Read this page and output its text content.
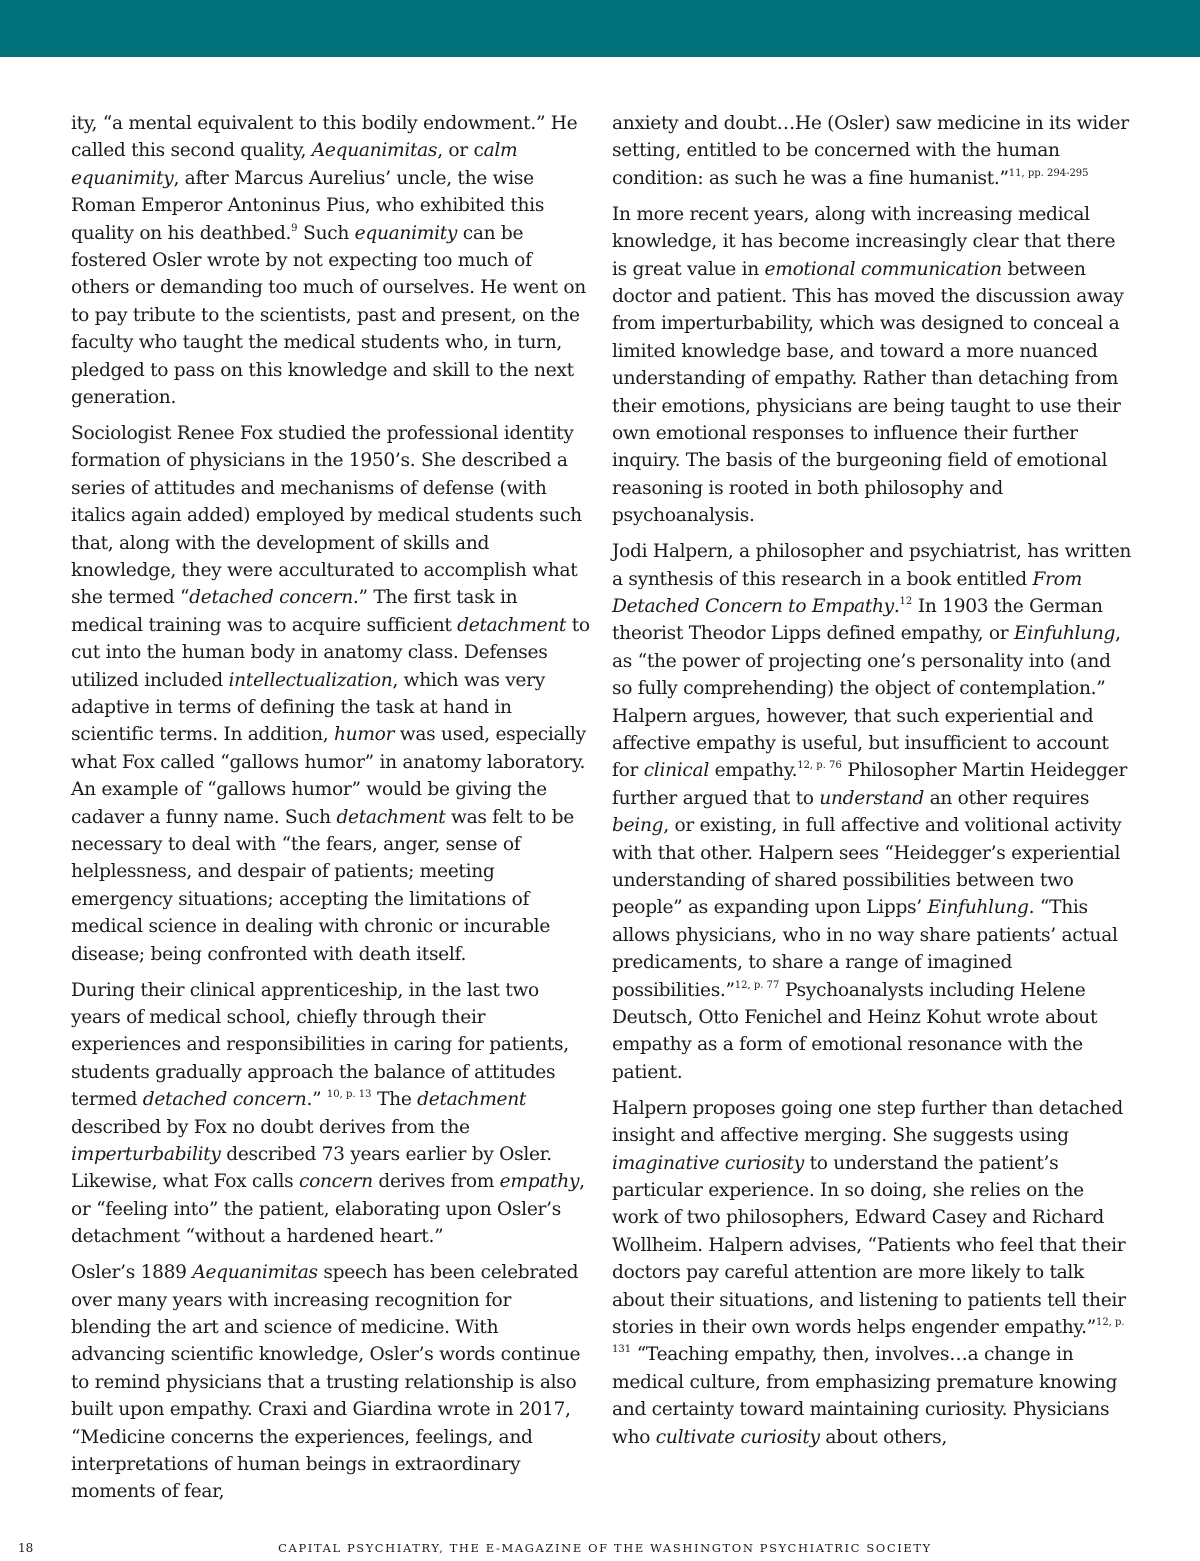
ity, “a mental equivalent to this bodily endowment.” He called this second quality, Aequanimitas, or calm equanimity, after Marcus Aurelius’ uncle, the wise Roman Emperor Antoninus Pius, who exhibited this quality on his deathbed.$^9$ Such equanimity can be fostered Osler wrote by not expecting too much of others or demanding too much of ourselves. He went on to pay tribute to the scientists, past and present, on the faculty who taught the medical students who, in turn, pledged to pass on this knowledge and skill to the next generation.

Sociologist Renee Fox studied the professional identity formation of physicians in the 1950’s. She described a series of attitudes and mechanisms of defense (with italics again added) employed by medical students such that, along with the development of skills and knowledge, they were acculturated to accomplish what she termed “detached concern.” The first task in medical training was to acquire sufficient detachment to cut into the human body in anatomy class. Defenses utilized included intellectualization, which was very adaptive in terms of defining the task at hand in scientific terms. In addition, humor was used, especially what Fox called “gallows humor” in anatomy laboratory. An example of “gallows humor” would be giving the cadaver a funny name. Such detachment was felt to be necessary to deal with “the fears, anger, sense of helplessness, and despair of patients; meeting emergency situations; accepting the limitations of medical science in dealing with chronic or incurable disease; being confronted with death itself.

During their clinical apprenticeship, in the last two years of medical school, chiefly through their experiences and responsibilities in caring for patients, students gradually approach the balance of attitudes termed detached concern.” $^{10, p. 13}$ The detachment described by Fox no doubt derives from the imperturbability described 73 years earlier by Osler. Likewise, what Fox calls concern derives from empathy, or “feeling into” the patient, elaborating upon Osler’s detachment “without a hardened heart.”

Osler’s 1889 Aequanimitas speech has been celebrated over many years with increasing recognition for blending the art and science of medicine. With advancing scientific knowledge, Osler’s words continue to remind physicians that a trusting relationship is also built upon empathy. Craxi and Giardina wrote in 2017, “Medicine concerns the experiences, feelings, and interpretations of human beings in extraordinary moments of fear,

anxiety and doubt…He (Osler) saw medicine in its wider setting, entitled to be concerned with the human condition: as such he was a fine humanist.”$^{11, pp. 294-295}$

In more recent years, along with increasing medical knowledge, it has become increasingly clear that there is great value in emotional communication between doctor and patient. This has moved the discussion away from imperturbability, which was designed to conceal a limited knowledge base, and toward a more nuanced understanding of empathy. Rather than detaching from their emotions, physicians are being taught to use their own emotional responses to influence their further inquiry. The basis of the burgeoning field of emotional reasoning is rooted in both philosophy and psychoanalysis.

Jodi Halpern, a philosopher and psychiatrist, has written a synthesis of this research in a book entitled From Detached Concern to Empathy.$^{12}$ In 1903 the German theorist Theodor Lipps defined empathy, or Einfuhlung, as “the power of projecting one’s personality into (and so fully comprehending) the object of contemplation.” Halpern argues, however, that such experiential and affective empathy is useful, but insufficient to account for clinical empathy.$^{12, p. 76}$ Philosopher Martin Heidegger further argued that to understand an other requires being, or existing, in full affective and volitional activity with that other. Halpern sees “Heidegger’s experiential understanding of shared possibilities between two people” as expanding upon Lipps’ Einfuhlung. “This allows physicians, who in no way share patients’ actual predicaments, to share a range of imagined possibilities.”$^{12, p. 77}$ Psychoanalysts including Helene Deutsch, Otto Fenichel and Heinz Kohut wrote about empathy as a form of emotional resonance with the patient.

Halpern proposes going one step further than detached insight and affective merging. She suggests using imaginative curiosity to understand the patient’s particular experience. In so doing, she relies on the work of two philosophers, Edward Casey and Richard Wollheim. Halpern advises, “Patients who feel that their doctors pay careful attention are more likely to talk about their situations, and listening to patients tell their stories in their own words helps engender empathy.”$^{12, p. 131}$ “Teaching empathy, then, involves…a change in medical culture, from emphasizing premature knowing and certainty toward maintaining curiosity. Physicians who cultivate curiosity about others,

18	CAPITAL PSYCHIATRY, THE E-MAGAZINE OF THE WASHINGTON PSYCHIATRIC SOCIETY
